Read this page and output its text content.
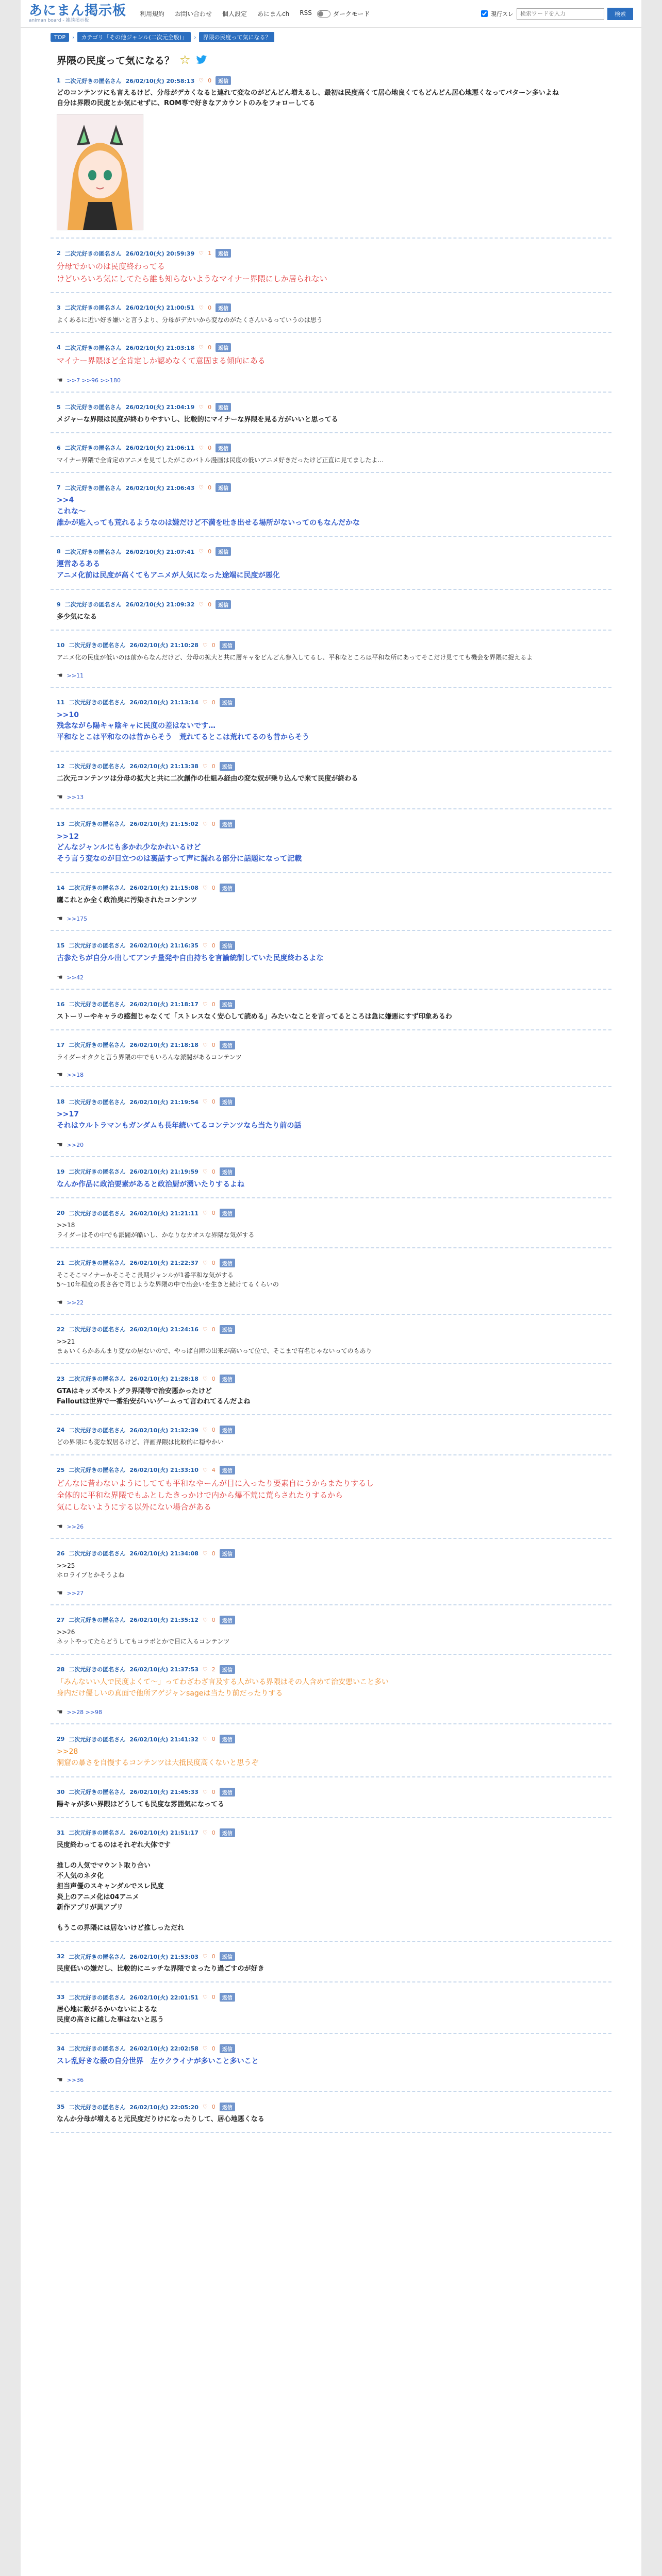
あにまん掲示板
animan board - 雑談掲示板
利用規約 お問い合わせ 個人設定 あにまんch RSS	ダークモード	現行スレ
検索ワードを入力	検索
TOP	›	カテゴリ「その他ジャンル(二次元全般)」	›	界隈の民度って気になる？
界隈の民度って気になる？ ☆
1 二次元好きの匿名さん 26/02/10(火) 20:58:13 ♡ 0	返信
どのコンテンツにも言えるけど、分母がデカくなると連れて変なのがどんどん増えるし、最初は民度高くて居心地良くてもどんどん居心地悪くなってパターン多いよね
自分は界隈の民度とか気にせずに、ROM専で好きなアカウントのみをフォローしてる
2 二次元好きの匿名さん 26/02/10(火) 20:59:39 ♡ 1	返信
分母でかいのは民度終わってる
けどいろいろ気にしてたら誰も知らないようなマイナー界隈にしか居られない
3 二次元好きの匿名さん 26/02/10(火) 21:00:51 ♡ 0	返信
よくあるに近い好き嫌いと言うより、分母がデカいから変なのがたくさんいるっていうのは思う
4 二次元好きの匿名さん 26/02/10(火) 21:03:18 ♡ 0	返信
マイナー界隈ほど全肯定しか認めなくて意固まる傾向にある
☚ >>7 >>96 >>180
5 二次元好きの匿名さん 26/02/10(火) 21:04:19 ♡ 0	返信
メジャーな界隈は民度が終わりやすいし、比較的にマイナーな界隈を見る方がいいと思ってる
6 二次元好きの匿名さん 26/02/10(火) 21:06:11 ♡ 0	返信
マイナー界隈で全肯定のアニメを見てしたがこのバトル漫画は民度の低いアニメ好きだったけど正直に見てましたよ…
7 二次元好きの匿名さん 26/02/10(火) 21:06:43 ♡ 0	返信
>>4
これな〜
誰かが匙入っても荒れるようなのは嫌だけど不満を吐き出せる場所がないってのもなんだかな
8 二次元好きの匿名さん 26/02/10(火) 21:07:41 ♡ 0	返信
運営あるある
アニメ化前は民度が高くてもアニメが人気になった途端に民度が悪化
9 二次元好きの匿名さん 26/02/10(火) 21:09:32 ♡ 0	返信
多少気になる
10 二次元好きの匿名さん 26/02/10(火) 21:10:28 ♡ 0	返信
アニメ化の民度が低いのは前からなんだけど、分母の拡大と共に層キャをどんどん参入してるし、平和なところは平和な所にあってそこだけ見てても機会を界隈に捉えるよ
☚ >>11
11 二次元好きの匿名さん 26/02/10(火) 21:13:14 ♡ 0	返信
>>10
残念ながら陽キャ陰キャに民度の差はないです…
平和なとこは平和なのは昔からそう　荒れてるとこは荒れてるのも昔からそう
12 二次元好きの匿名さん 26/02/10(火) 21:13:38 ♡ 0	返信
二次元コンテンツは分母の拡大と共に二次創作の仕組み経由の変な奴が乗り込んで来て民度が終わる
☚ >>13
13 二次元好きの匿名さん 26/02/10(火) 21:15:02 ♡ 0	返信
>>12
どんなジャンルにも多かれ少なかれいるけど
そう言う変なのが目立つのは裏話すって声に漏れる部分に話題になって記載
14 二次元好きの匿名さん 26/02/10(火) 21:15:08 ♡ 0	返信
鷹これとか全く政治臭に汚染されたコンテンツ
☚ >>175
15 二次元好きの匿名さん 26/02/10(火) 21:16:35 ♡ 0	返信
古参たちが自分ル出してアンチ量発や自由持ちを言論統制していた民度終わるよな
☚ >>42
16 二次元好きの匿名さん 26/02/10(火) 21:18:17 ♡ 0	返信
ストーリーやキャラの感想じゃなくて「ストレスなく安心して読める」みたいなことを言ってるところは急に嫌悪にすず印象あるわ
17 二次元好きの匿名さん 26/02/10(火) 21:18:18 ♡ 0	返信
ライダーオタクと言う界隈の中でもいろんな派閥があるコンテンツ
☚ >>18
18 二次元好きの匿名さん 26/02/10(火) 21:19:54 ♡ 0	返信
>>17
それはウルトラマンもガンダムも長年続いてるコンテンツなら当たり前の話
☚ >>20
19 二次元好きの匿名さん 26/02/10(火) 21:19:59 ♡ 0	返信
なんか作品に政治要素があると政治厨が湧いたりするよね
20 二次元好きの匿名さん 26/02/10(火) 21:21:11 ♡ 0	返信
>>18
ライダーはその中でも派閥が酷いし、かなりなカオスな界隈な気がする
21 二次元好きの匿名さん 26/02/10(火) 21:22:37 ♡ 0	返信
そこそこマイナーかそこそこ長期ジャンルが1番平和な気がする
5〜10年程度の長さ各で同じような界隈の中で出会いを生きと続けてるくらいの
☚ >>22
22 二次元好きの匿名さん 26/02/10(火) 21:24:16 ♡ 0	返信
>>21
まぁいくらかあんまり変なの居ないので、やっぱ自陣の出来が高いって位で、そこまで有名じゃないってのもあり
23 二次元好きの匿名さん 26/02/10(火) 21:28:18 ♡ 0	返信
GTAはキッズやストグラ界隈等で治安悪かったけど
Falloutは世界で一番治安がいいゲームって言われてるんだよね
24 二次元好きの匿名さん 26/02/10(火) 21:32:39 ♡ 0	返信
どの界隈にも変な奴居るけど、洋画界隈は比較的に穏やかい
25 二次元好きの匿名さん 26/02/10(火) 21:33:10 ♡ 4	返信
どんなに昔わないようにしてても平和なやーんが目に入ったり要素自にうからまたりするし
全体的に平和な界隈でもふとしたきっかけで内から爆不荒に荒らされたりするから
気にしないようにする以外にない場合がある
☚ >>26
26 二次元好きの匿名さん 26/02/10(火) 21:34:08 ♡ 0	返信
>>25
ホロライブとかそうよね
☚ >>27
27 二次元好きの匿名さん 26/02/10(火) 21:35:12 ♡ 0	返信
>>26
ネットやってたらどうしてもコラボとかで目に入るコンテンツ
28 二次元好きの匿名さん 26/02/10(火) 21:37:53 ♡ 2	返信
「みんないい人で民度よくて〜」ってわざわざ言及する人がいる界隈はその人含めて治安悪いこと多い
身内だけ優しいの真面で他所アゲジャンsageは当たり前だったりする
☚ >>28 >>98
29 二次元好きの匿名さん 26/02/10(火) 21:41:32 ♡ 0	返信
>>28
洞窟の暴さを自慢するコンテンツは大抵民度高くないと思うぞ
30 二次元好きの匿名さん 26/02/10(火) 21:45:33 ♡ 0	返信
陽キャが多い界隈はどうしても民度な雰囲気になってる
31 二次元好きの匿名さん 26/02/10(火) 21:51:17 ♡ 0	返信
民度終わってるのはそれぞれ大体です

推しの人気でマウント取り合い
不人気のネタ化
担当声優のスキャンダルでスレ民度
炎上のアニメ化は04アニメ
新作アプリが異アプリ

もうこの界隈には居ないけど推しっただれ
32 二次元好きの匿名さん 26/02/10(火) 21:53:03 ♡ 0	返信
民度低いの嫌だし、比較的にニッチな界隈でまったり過ごすのが好き
33 二次元好きの匿名さん 26/02/10(火) 22:01:51 ♡ 0	返信
居心地に敵がるかいないによるな
民度の高さに越した事はないと思う
34 二次元好きの匿名さん 26/02/10(火) 22:02:58 ♡ 0	返信
スレ乱好きな殺の自分世界　左ウクライナが多いこと多いこと
☚ >>36
35 二次元好きの匿名さん 26/02/10(火) 22:05:20 ♡ 0	返信
なんか分母が増えると元民度だりけになったりして、居心地悪くなる
